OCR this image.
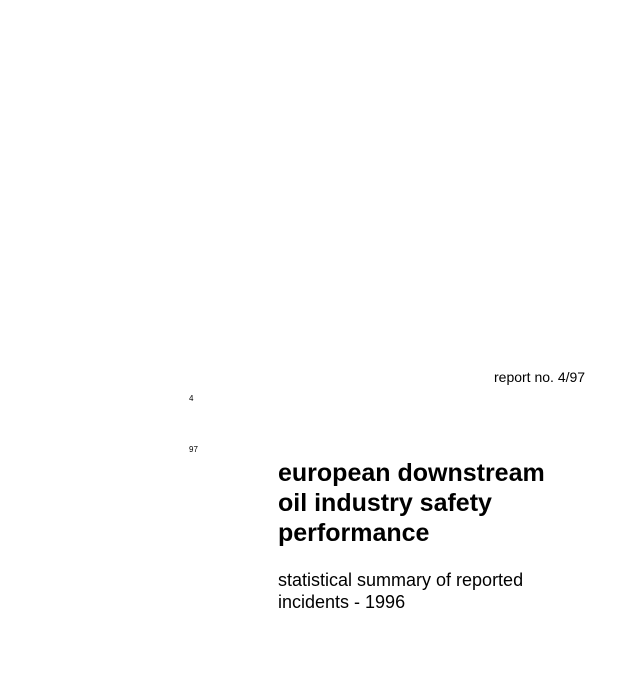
report no. 4/97
4
97
european downstream
oil industry safety
performance
statistical summary of reported
incidents - 1996
